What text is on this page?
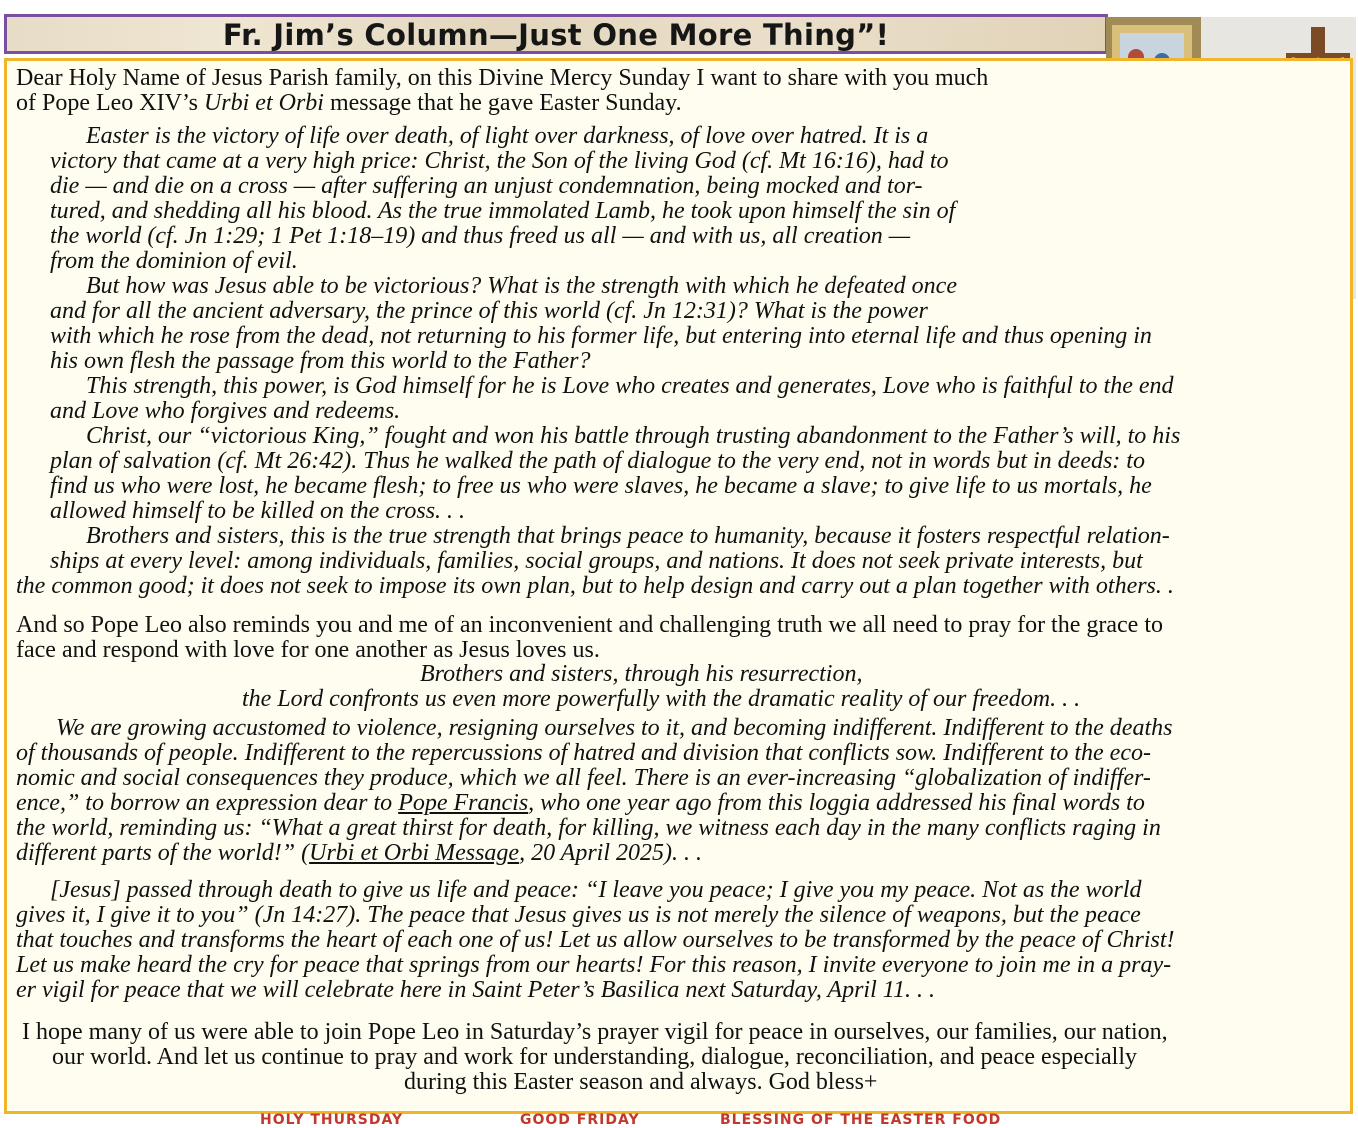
Fr. Jim’s Column—Just One More Thing”!
Dear Holy Name of Jesus Parish family, on this Divine Mercy Sunday I want to share with you much
of Pope Leo XIV’s Urbi et Orbi message that he gave Easter Sunday.
Easter is the victory of life over death, of light over darkness, of love over hatred. It is a
victory that came at a very high price: Christ, the Son of the living God (cf. Mt 16:16), had to
die — and die on a cross — after suffering an unjust condemnation, being mocked and tor-
tured, and shedding all his blood. As the true immolated Lamb, he took upon himself the sin of
the world (cf. Jn 1:29; 1 Pet 1:18–19) and thus freed us all — and with us, all creation —
from the dominion of evil.
But how was Jesus able to be victorious? What is the strength with which he defeated once
and for all the ancient adversary, the prince of this world (cf. Jn 12:31)? What is the power
with which he rose from the dead, not returning to his former life, but entering into eternal life and thus opening in
his own flesh the passage from this world to the Father?
This strength, this power, is God himself for he is Love who creates and generates, Love who is faithful to the end
and Love who forgives and redeems.
Christ, our “victorious King,” fought and won his battle through trusting abandonment to the Father’s will, to his
plan of salvation (cf. Mt 26:42). Thus he walked the path of dialogue to the very end, not in words but in deeds: to
find us who were lost, he became flesh; to free us who were slaves, he became a slave; to give life to us mortals, he
allowed himself to be killed on the cross. . .
Brothers and sisters, this is the true strength that brings peace to humanity, because it fosters respectful relation-
ships at every level: among individuals, families, social groups, and nations. It does not seek private interests, but
the common good; it does not seek to impose its own plan, but to help design and carry out a plan together with others. .
And so Pope Leo also reminds you and me of an inconvenient and challenging truth we all need to pray for the grace to
face and respond with love for one another as Jesus loves us.
Brothers and sisters, through his resurrection,
the Lord confronts us even more powerfully with the dramatic reality of our freedom. . .
We are growing accustomed to violence, resigning ourselves to it, and becoming indifferent. Indifferent to the deaths
of thousands of people. Indifferent to the repercussions of hatred and division that conflicts sow. Indifferent to the eco-
nomic and social consequences they produce, which we all feel. There is an ever-increasing “globalization of indiffer-
ence,” to borrow an expression dear to Pope Francis, who one year ago from this loggia addressed his final words to
the world, reminding us: “What a great thirst for death, for killing, we witness each day in the many conflicts raging in
different parts of the world!” (Urbi et Orbi Message, 20 April 2025). . .
[Jesus] passed through death to give us life and peace: “I leave you peace; I give you my peace. Not as the world
gives it, I give it to you” (Jn 14:27). The peace that Jesus gives us is not merely the silence of weapons, but the peace
that touches and transforms the heart of each one of us! Let us allow ourselves to be transformed by the peace of Christ!
Let us make heard the cry for peace that springs from our hearts! For this reason, I invite everyone to join me in a pray-
er vigil for peace that we will celebrate here in Saint Peter’s Basilica next Saturday, April 11. . .
I hope many of us were able to join Pope Leo in Saturday’s prayer vigil for peace in ourselves, our families, our nation,
our world. And let us continue to pray and work for understanding, dialogue, reconciliation, and peace especially
during this Easter season and always. God bless+
HOLY THURSDAY	GOOD FRIDAY	BLESSING OF THE EASTER FOOD
